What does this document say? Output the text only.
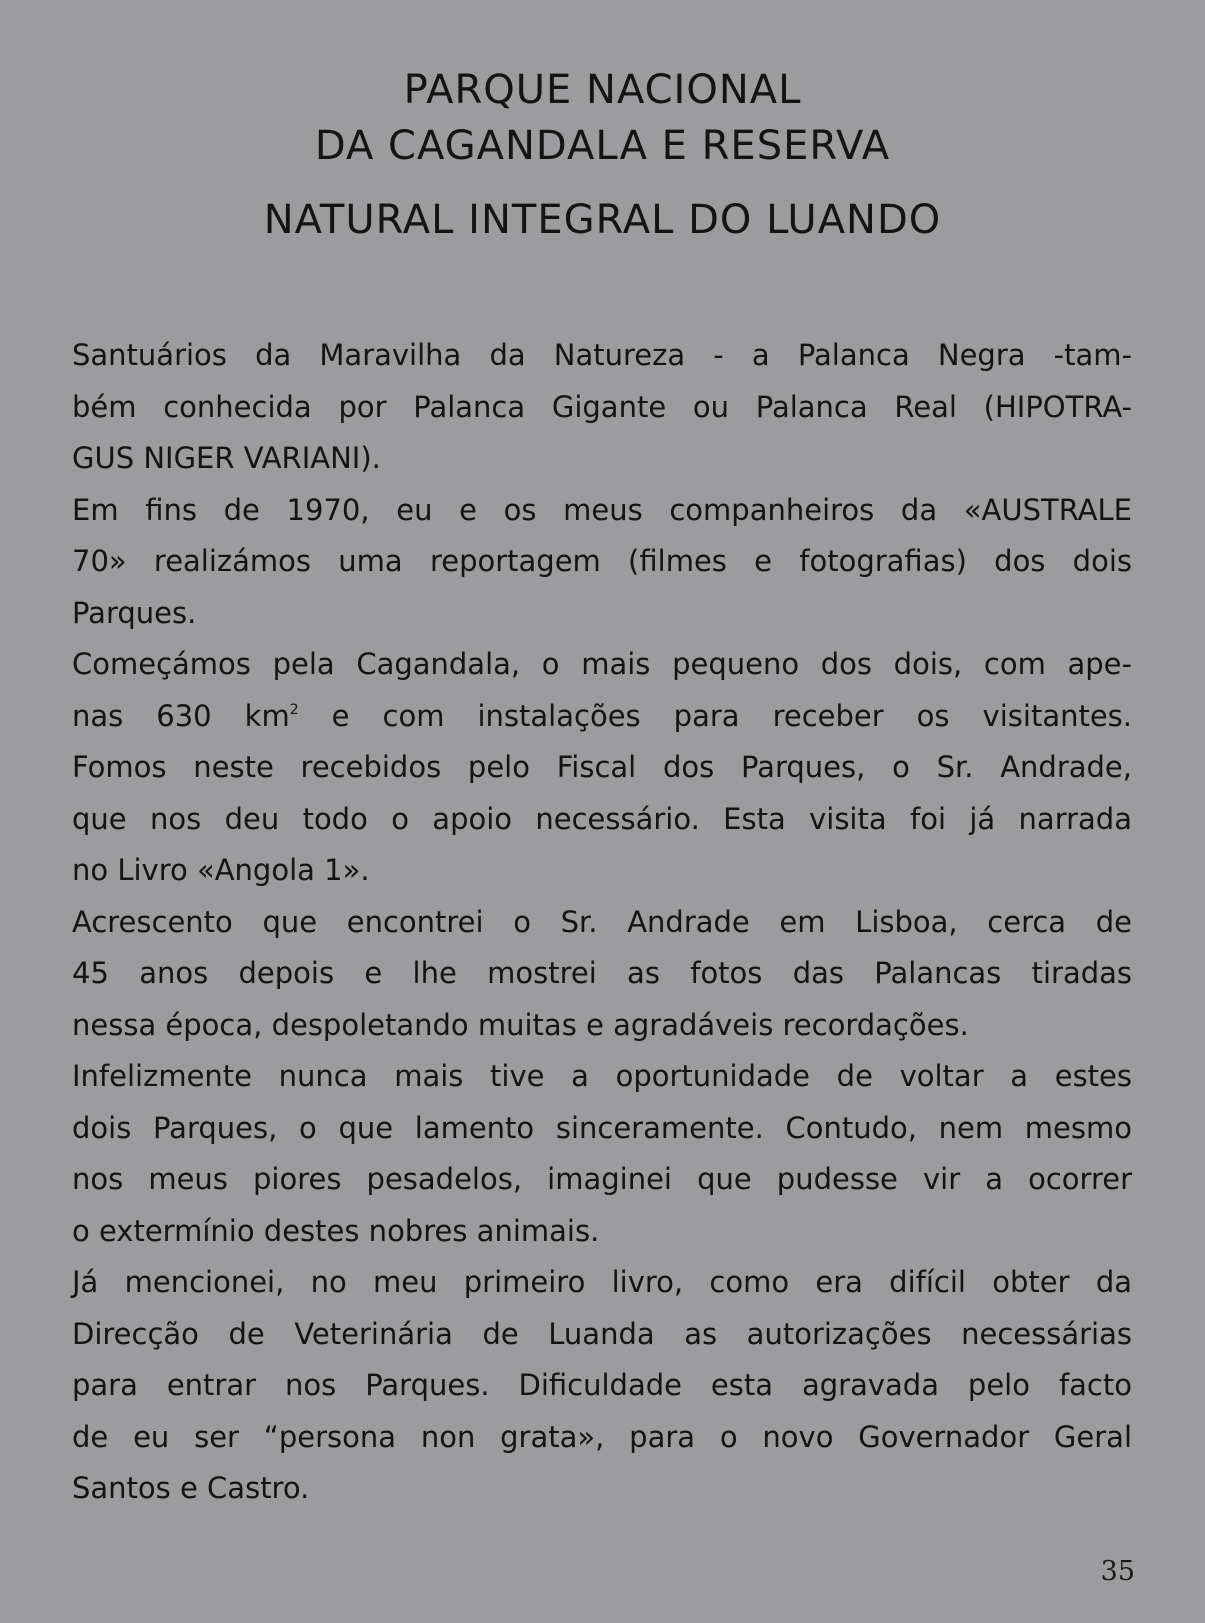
PARQUE NACIONAL
DA CAGANDALA E RESERVA
NATURAL INTEGRAL DO LUANDO
Santuários da Maravilha da Natureza - a Palanca Negra -tam-
bém conhecida por Palanca Gigante ou Palanca Real (HIPOTRA-
GUS NIGER VARIANI).
Em fins de 1970, eu e os meus companheiros da «AUSTRALE
70» realizámos uma reportagem (filmes e fotografias) dos dois
Parques.
Começámos pela Cagandala, o mais pequeno dos dois, com ape-
nas 630 $km^2$ e com instalações para receber os visitantes.
Fomos neste recebidos pelo Fiscal dos Parques, o Sr. Andrade,
que nos deu todo o apoio necessário. Esta visita foi já narrada
no Livro «Angola 1».
Acrescento que encontrei o Sr. Andrade em Lisboa, cerca de
45 anos depois e lhe mostrei as fotos das Palancas tiradas
nessa época, despoletando muitas e agradáveis recordações.
Infelizmente nunca mais tive a oportunidade de voltar a estes
dois Parques, o que lamento sinceramente. Contudo, nem mesmo
nos meus piores pesadelos, imaginei que pudesse vir a ocorrer
o extermínio destes nobres animais.
Já mencionei, no meu primeiro livro, como era difícil obter da
Direcção de Veterinária de Luanda as autorizações necessárias
para entrar nos Parques. Dificuldade esta agravada pelo facto
de eu ser “persona non grata», para o novo Governador Geral
Santos e Castro.
35
